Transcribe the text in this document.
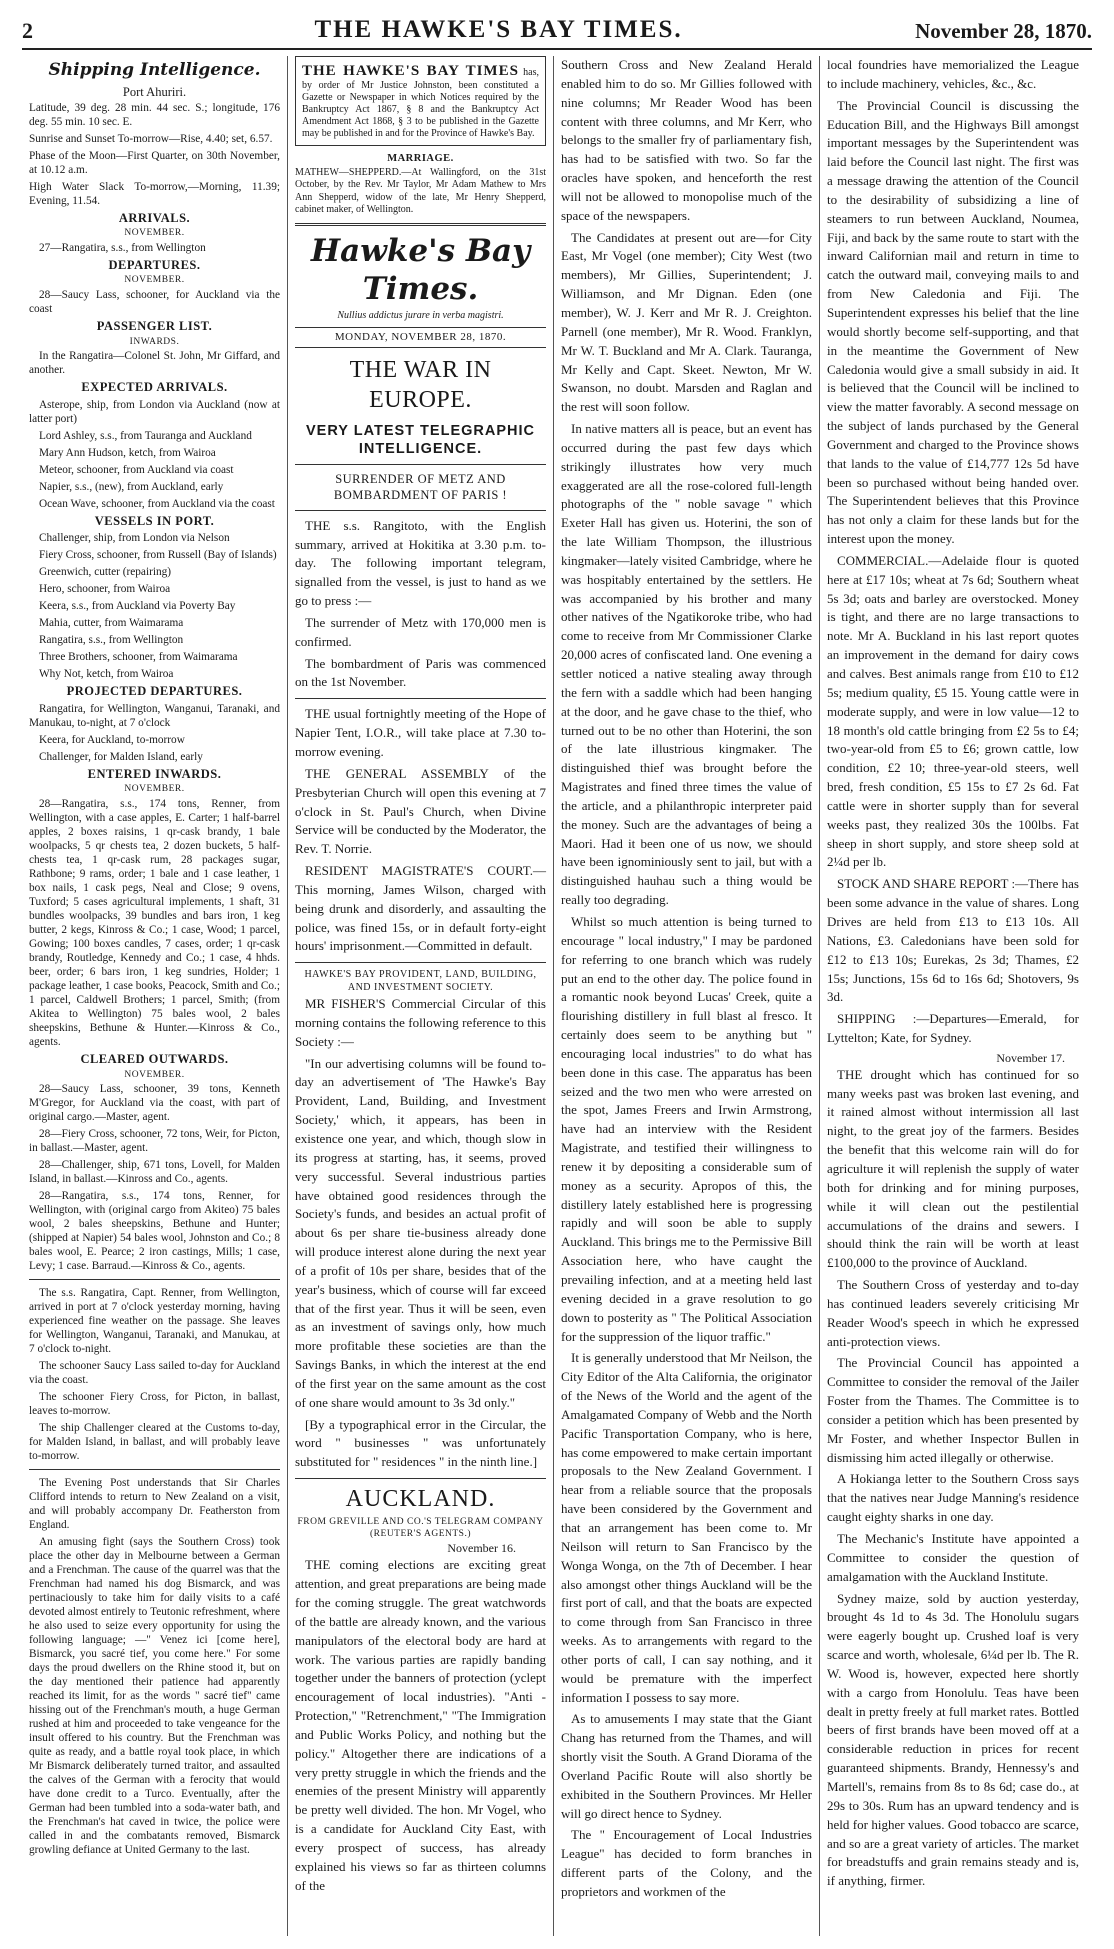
2	THE HAWKE'S BAY TIMES.	November 28, 1870.
Shipping Intelligence.
Port Ahuriri.

Latitude, 39 deg. 28 min. 44 sec. S.; longitude, 176 deg. 55 min. 10 sec. E.

Sunrise and Sunset To-morrow—Rise, 4.40; set, 6.57.

Phase of the Moon—First Quarter, on 30th November, at 10.12 a.m.

High Water Slack To-morrow,—Morning, 11.39; Evening, 11.54.

ARRIVALS.
NOVEMBER.

27—Rangatira, s.s., from Wellington

DEPARTURES.
NOVEMBER.

28—Saucy Lass, schooner, for Auckland via the coast

PASSENGER LIST.
INWARDS.

In the Rangatira—Colonel St. John, Mr Giffard, and another.

EXPECTED ARRIVALS.

Asterope, ship, from London via Auckland (now at latter port)

Lord Ashley, s.s., from Tauranga and Auckland

Mary Ann Hudson, ketch, from Wairoa

Meteor, schooner, from Auckland via coast

Napier, s.s., (new), from Auckland, early

Ocean Wave, schooner, from Auckland via the coast

VESSELS IN PORT.

Challenger, ship, from London via Nelson

Fiery Cross, schooner, from Russell (Bay of Islands)

Greenwich, cutter (repairing)

Hero, schooner, from Wairoa

Keera, s.s., from Auckland via Poverty Bay

Mahia, cutter, from Waimarama

Rangatira, s.s., from Wellington

Three Brothers, schooner, from Waimarama

Why Not, ketch, from Wairoa

PROJECTED DEPARTURES.

Rangatira, for Wellington, Wanganui, Taranaki, and Manukau, to-night, at 7 o'clock

Keera, for Auckland, to-morrow

Challenger, for Malden Island, early

ENTERED INWARDS.
NOVEMBER.

28—Rangatira, s.s., 174 tons, Renner, from Wellington, with a case apples, E. Carter; 1 half-barrel apples, 2 boxes raisins, 1 qr-cask brandy, 1 bale woolpacks, 5 qr chests tea, 2 dozen buckets, 5 half-chests tea, 1 qr-cask rum, 28 packages sugar, Rathbone; 9 rams, order; 1 bale and 1 case leather, 1 box nails, 1 cask pegs, Neal and Close; 9 ovens, Tuxford; 5 cases agricultural implements, 1 shaft, 31 bundles woolpacks, 39 bundles and bars iron, 1 keg butter, 2 kegs, Kinross & Co.; 1 case, Wood; 1 parcel, Gowing; 100 boxes candles, 7 cases, order; 1 qr-cask brandy, Routledge, Kennedy and Co.; 1 case, 4 hhds. beer, order; 6 bars iron, 1 keg sundries, Holder; 1 package leather, 1 case books, Peacock, Smith and Co.; 1 parcel, Caldwell Brothers; 1 parcel, Smith; (from Akitea to Wellington) 75 bales wool, 2 bales sheepskins, Bethune & Hunter.—Kinross & Co., agents.

CLEARED OUTWARDS.
NOVEMBER.

28—Saucy Lass, schooner, 39 tons, Kenneth M'Gregor, for Auckland via the coast, with part of original cargo.—Master, agent.

28—Fiery Cross, schooner, 72 tons, Weir, for Picton, in ballast.—Master, agent.

28—Challenger, ship, 671 tons, Lovell, for Malden Island, in ballast.—Kinross and Co., agents.

28—Rangatira, s.s., 174 tons, Renner, for Wellington, with (original cargo from Akiteo) 75 bales wool, 2 bales sheepskins, Bethune and Hunter; (shipped at Napier) 54 bales wool, Johnston and Co.; 8 bales wool, E. Pearce; 2 iron castings, Mills; 1 case, Levy; 1 case. Barraud.—Kinross & Co., agents.

The s.s. Rangatira, Capt. Renner, from Wellington, arrived in port at 7 o'clock yesterday morning, having experienced fine weather on the passage. She leaves for Wellington, Wanganui, Taranaki, and Manukau, at 7 o'clock to-night.

The schooner Saucy Lass sailed to-day for Auckland via the coast.

The schooner Fiery Cross, for Picton, in ballast, leaves to-morrow.

The ship Challenger cleared at the Customs to-day, for Malden Island, in ballast, and will probably leave to-morrow.

The Evening Post understands that Sir Charles Clifford intends to return to New Zealand on a visit, and will probably accompany Dr. Featherston from England.

An amusing fight (says the Southern Cross) took place the other day in Melbourne between a German and a Frenchman. The cause of the quarrel was that the Frenchman had named his dog Bismarck, and was pertinaciously to take him for daily visits to a café devoted almost entirely to Teutonic refreshment, where he also used to seize every opportunity for using the following language; —" Venez ici [come here], Bismarck, you sacré tief, you come here." For some days the proud dwellers on the Rhine stood it, but on the day mentioned their patience had apparently reached its limit, for as the words " sacré tief" came hissing out of the Frenchman's mouth, a huge German rushed at him and proceeded to take vengeance for the insult offered to his country. But the Frenchman was quite as ready, and a battle royal took place, in which Mr Bismarck deliberately turned traitor, and assaulted the calves of the German with a ferocity that would have done credit to a Turco. Eventually, after the German had been tumbled into a soda-water bath, and the Frenchman's hat caved in twice, the police were called in and the combatants removed, Bismarck growling defiance at United Germany to the last.

THE HAWKE'S BAY TIMES has, by order of Mr Justice Johnston, been constituted a Gazette or Newspaper in which Notices required by the Bankruptcy Act 1867, § 8 and the Bankruptcy Act Amendment Act 1868, § 3 to be published in the Gazette may be published in and for the Province of Hawke's Bay.
MARRIAGE.

MATHEW—SHEPPERD.—At Wallingford, on the 31st October, by the Rev. Mr Taylor, Mr Adam Mathew to Mrs Ann Shepperd, widow of the late, Mr Henry Shepperd, cabinet maker, of Wellington.

Hawke's Bay Times.
Nullius addictus jurare in verba magistri.
MONDAY, NOVEMBER 28, 1870.
THE WAR IN EUROPE.
VERY LATEST TELEGRAPHIC INTELLIGENCE.
SURRENDER OF METZ AND BOMBARDMENT OF PARIS !

THE s.s. Rangitoto, with the English summary, arrived at Hokitika at 3.30 p.m. to-day. The following important telegram, signalled from the vessel, is just to hand as we go to press :—

The surrender of Metz with 170,000 men is confirmed.

The bombardment of Paris was commenced on the 1st November.

THE usual fortnightly meeting of the Hope of Napier Tent, I.O.R., will take place at 7.30 to-morrow evening.

THE GENERAL ASSEMBLY of the Presbyterian Church will open this evening at 7 o'clock in St. Paul's Church, when Divine Service will be conducted by the Moderator, the Rev. T. Norrie.

RESIDENT MAGISTRATE'S COURT.—This morning, James Wilson, charged with being drunk and disorderly, and assaulting the police, was fined 15s, or in default forty-eight hours' imprisonment.—Committed in default.

HAWKE'S BAY PROVIDENT, LAND, BUILDING, AND INVESTMENT SOCIETY.

MR FISHER'S Commercial Circular of this morning contains the following reference to this Society :—

"In our advertising columns will be found to-day an advertisement of 'The Hawke's Bay Provident, Land, Building, and Investment Society,' which, it appears, has been in existence one year, and which, though slow in its progress at starting, has, it seems, proved very successful. Several industrious parties have obtained good residences through the Society's funds, and besides an actual profit of about 6s per share tie-business already done will produce interest alone during the next year of a profit of 10s per share, besides that of the year's business, which of course will far exceed that of the first year. Thus it will be seen, even as an investment of savings only, how much more profitable these societies are than the Savings Banks, in which the interest at the end of the first year on the same amount as the cost of one share would amount to 3s 3d only."

[By a typographical error in the Circular, the word " businesses " was unfortunately substituted for " residences " in the ninth line.]

AUCKLAND.
FROM GREVILLE AND CO.'S TELEGRAM COMPANY (REUTER'S AGENTS.)
November 16.

THE coming elections are exciting great attention, and great preparations are being made for the coming struggle. The great watchwords of the battle are already known, and the various manipulators of the electoral body are hard at work. The various parties are rapidly banding together under the banners of protection (yclept encouragement of local industries). "Anti - Protection," "Retrenchment," "The Immigration and Public Works Policy, and nothing but the policy." Altogether there are indications of a very pretty struggle in which the friends and the enemies of the present Ministry will apparently be pretty well divided. The hon. Mr Vogel, who is a candidate for Auckland City East, with every prospect of success, has already explained his views so far as thirteen columns of the

Southern Cross and New Zealand Herald enabled him to do so. Mr Gillies followed with nine columns; Mr Reader Wood has been content with three columns, and Mr Kerr, who belongs to the smaller fry of parliamentary fish, has had to be satisfied with two. So far the oracles have spoken, and henceforth the rest will not be allowed to monopolise much of the space of the newspapers.

The Candidates at present out are—for City East, Mr Vogel (one member); City West (two members), Mr Gillies, Superintendent; J. Williamson, and Mr Dignan. Eden (one member), W. J. Kerr and Mr R. J. Creighton. Parnell (one member), Mr R. Wood. Franklyn, Mr W. T. Buckland and Mr A. Clark. Tauranga, Mr Kelly and Capt. Skeet. Newton, Mr W. Swanson, no doubt. Marsden and Raglan and the rest will soon follow.

In native matters all is peace, but an event has occurred during the past few days which strikingly illustrates how very much exaggerated are all the rose-colored full-length photographs of the " noble savage " which Exeter Hall has given us. Hoterini, the son of the late William Thompson, the illustrious kingmaker—lately visited Cambridge, where he was hospitably entertained by the settlers. He was accompanied by his brother and many other natives of the Ngatikoroke tribe, who had come to receive from Mr Commissioner Clarke 20,000 acres of confiscated land. One evening a settler noticed a native stealing away through the fern with a saddle which had been hanging at the door, and he gave chase to the thief, who turned out to be no other than Hoterini, the son of the late illustrious kingmaker. The distinguished thief was brought before the Magistrates and fined three times the value of the article, and a philanthropic interpreter paid the money. Such are the advantages of being a Maori. Had it been one of us now, we should have been ignominiously sent to jail, but with a distinguished hauhau such a thing would be really too degrading.

Whilst so much attention is being turned to encourage " local industry," I may be pardoned for referring to one branch which was rudely put an end to the other day. The police found in a romantic nook beyond Lucas' Creek, quite a flourishing distillery in full blast al fresco. It certainly does seem to be anything but " encouraging local industries" to do what has been done in this case. The apparatus has been seized and the two men who were arrested on the spot, James Freers and Irwin Armstrong, have had an interview with the Resident Magistrate, and testified their willingness to renew it by depositing a considerable sum of money as a security. Apropos of this, the distillery lately established here is progressing rapidly and will soon be able to supply Auckland. This brings me to the Permissive Bill Association here, who have caught the prevailing infection, and at a meeting held last evening decided in a grave resolution to go down to posterity as " The Political Association for the suppression of the liquor traffic."

It is generally understood that Mr Neilson, the City Editor of the Alta California, the originator of the News of the World and the agent of the Amalgamated Company of Webb and the North Pacific Transportation Company, who is here, has come empowered to make certain important proposals to the New Zealand Government. I hear from a reliable source that the proposals have been considered by the Government and that an arrangement has been come to. Mr Neilson will return to San Francisco by the Wonga Wonga, on the 7th of December. I hear also amongst other things Auckland will be the first port of call, and that the boats are expected to come through from San Francisco in three weeks. As to arrangements with regard to the other ports of call, I can say nothing, and it would be premature with the imperfect information I possess to say more.

As to amusements I may state that the Giant Chang has returned from the Thames, and will shortly visit the South. A Grand Diorama of the Overland Pacific Route will also shortly be exhibited in the Southern Provinces. Mr Heller will go direct hence to Sydney.

The " Encouragement of Local Industries League" has decided to form branches in different parts of the Colony, and the proprietors and workmen of the

local foundries have memorialized the League to include machinery, vehicles, &c., &c.

The Provincial Council is discussing the Education Bill, and the Highways Bill amongst important messages by the Superintendent was laid before the Council last night. The first was a message drawing the attention of the Council to the desirability of subsidizing a line of steamers to run between Auckland, Noumea, Fiji, and back by the same route to start with the inward Californian mail and return in time to catch the outward mail, conveying mails to and from New Caledonia and Fiji. The Superintendent expresses his belief that the line would shortly become self-supporting, and that in the meantime the Government of New Caledonia would give a small subsidy in aid. It is believed that the Council will be inclined to view the matter favorably. A second message on the subject of lands purchased by the General Government and charged to the Province shows that lands to the value of £14,777 12s 5d have been so purchased without being handed over. The Superintendent believes that this Province has not only a claim for these lands but for the interest upon the money.

COMMERCIAL.—Adelaide flour is quoted here at £17 10s; wheat at 7s 6d; Southern wheat 5s 3d; oats and barley are overstocked. Money is tight, and there are no large transactions to note. Mr A. Buckland in his last report quotes an improvement in the demand for dairy cows and calves. Best animals range from £10 to £12 5s; medium quality, £5 15. Young cattle were in moderate supply, and were in low value—12 to 18 month's old cattle bringing from £2 5s to £4; two-year-old from £5 to £6; grown cattle, low condition, £2 10; three-year-old steers, well bred, fresh condition, £5 15s to £7 2s 6d. Fat cattle were in shorter supply than for several weeks past, they realized 30s the 100lbs. Fat sheep in short supply, and store sheep sold at 2¼d per lb.

STOCK AND SHARE REPORT :—There has been some advance in the value of shares. Long Drives are held from £13 to £13 10s. All Nations, £3. Caledonians have been sold for £12 to £13 10s; Eurekas, 2s 3d; Thames, £2 15s; Junctions, 15s 6d to 16s 6d; Shotovers, 9s 3d.

SHIPPING :—Departures—Emerald, for Lyttelton; Kate, for Sydney.

November 17.

THE drought which has continued for so many weeks past was broken last evening, and it rained almost without intermission all last night, to the great joy of the farmers. Besides the benefit that this welcome rain will do for agriculture it will replenish the supply of water both for drinking and for mining purposes, while it will clean out the pestilential accumulations of the drains and sewers. I should think the rain will be worth at least £100,000 to the province of Auckland.

The Southern Cross of yesterday and to-day has continued leaders severely criticising Mr Reader Wood's speech in which he expressed anti-protection views.

The Provincial Council has appointed a Committee to consider the removal of the Jailer Foster from the Thames. The Committee is to consider a petition which has been presented by Mr Foster, and whether Inspector Bullen in dismissing him acted illegally or otherwise.

A Hokianga letter to the Southern Cross says that the natives near Judge Manning's residence caught eighty sharks in one day.

The Mechanic's Institute have appointed a Committee to consider the question of amalgamation with the Auckland Institute.

Sydney maize, sold by auction yesterday, brought 4s 1d to 4s 3d. The Honolulu sugars were eagerly bought up. Crushed loaf is very scarce and worth, wholesale, 6¼d per lb. The R. W. Wood is, however, expected here shortly with a cargo from Honolulu. Teas have been dealt in pretty freely at full market rates. Bottled beers of first brands have been moved off at a considerable reduction in prices for recent guaranteed shipments. Brandy, Hennessy's and Martell's, remains from 8s to 8s 6d; case do., at 29s to 30s. Rum has an upward tendency and is held for higher values. Good tobacco are scarce, and so are a great variety of articles. The market for breadstuffs and grain remains steady and is, if anything, firmer.
